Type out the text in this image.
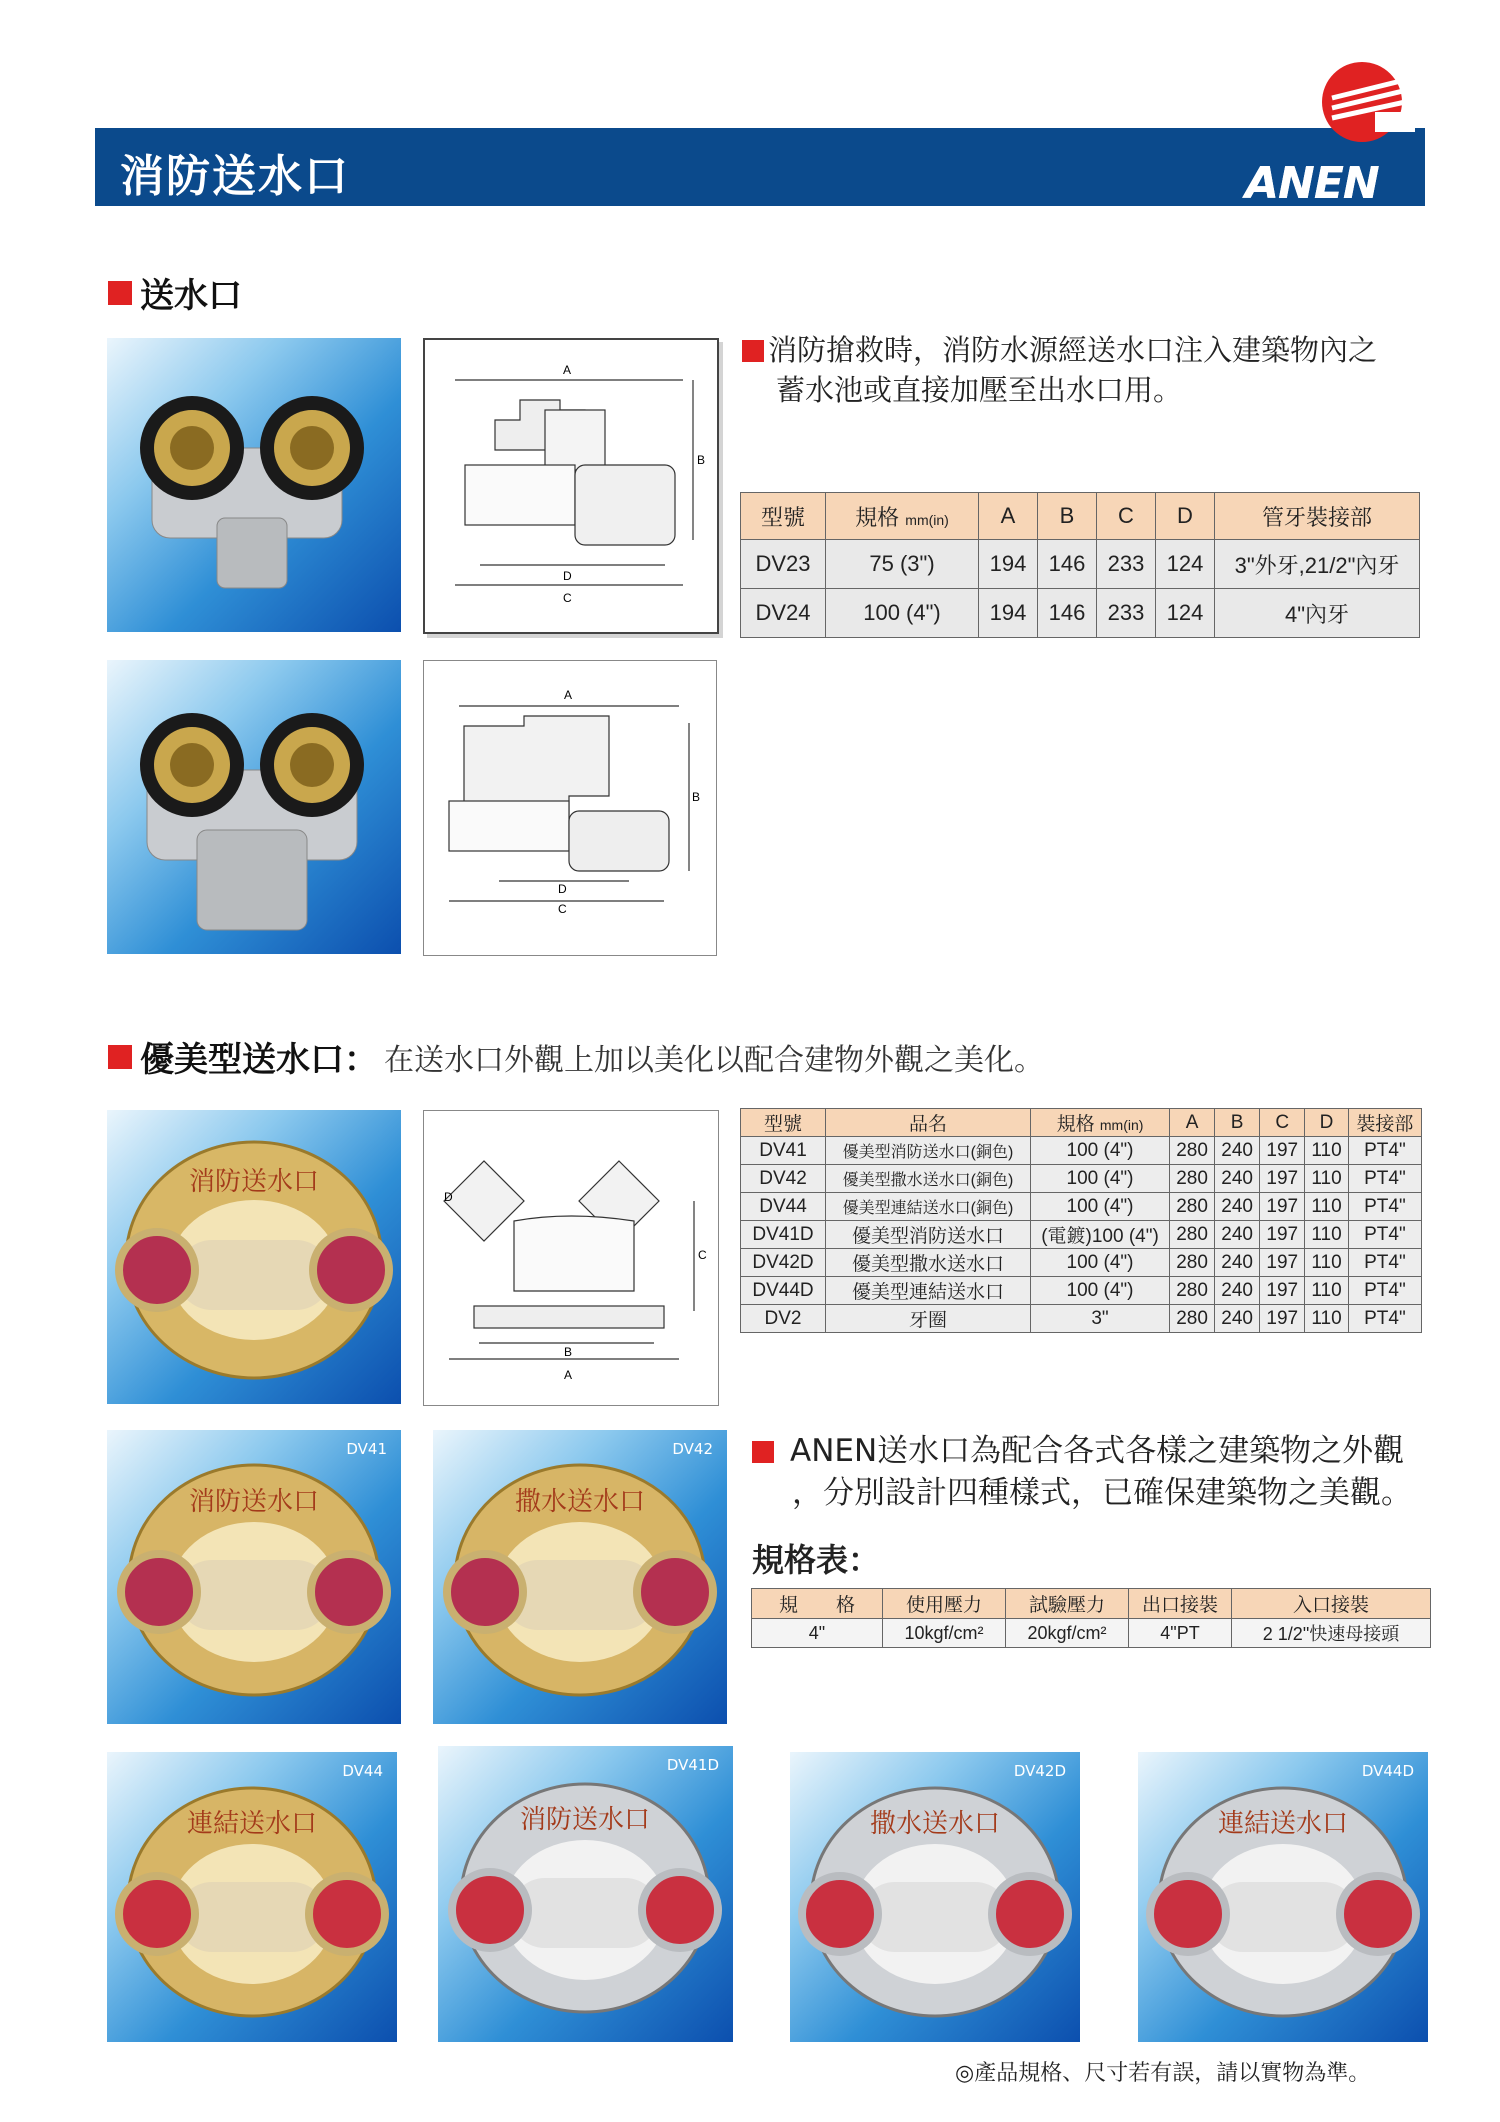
消防送水口	ANEN
送水口
A
B
D
C
A
B
D
C
消防搶救時，消防水源經送水口注入建築物內之
蓄水池或直接加壓至出水口用。
型號	規格 mm(in)	A	B	C	D	管牙裝接部
DV23	75 (3")	194	146	233	124	3"外牙,21/2"內牙
DV24	100 (4")	194	146	233	124	4"內牙
優美型送水口 ： 在送水口外觀上加以美化以配合建物外觀之美化。
消防送水口
B
A
C
D
型號	品名	規格 mm(in)	A	B	C	D	裝接部
DV41	優美型消防送水口(銅色)	100 (4")	280	240	197	110	PT4"
DV42	優美型撒水送水口(銅色)	100 (4")	280	240	197	110	PT4"
DV44	優美型連結送水口(銅色)	100 (4")	280	240	197	110	PT4"
DV41D	優美型消防送水口	(電鍍)100 (4")	280	240	197	110	PT4"
DV42D	優美型撒水送水口	100 (4")	280	240	197	110	PT4"
DV44D	優美型連結送水口	100 (4")	280	240	197	110	PT4"
DV2	牙圈	3"	280	240	197	110	PT4"
DV41
消防送水口
DV42
撒水送水口
ANEN送水口為配合各式各樣之建築物之外觀
，分別設計四種樣式，已確保建築物之美觀。
規格表：
規　　格	使用壓力	試驗壓力	出口接裝	入口接裝
4"	10kgf/cm²	20kgf/cm²	4"PT	2 1/2"快速母接頭
DV44
連結送水口
DV41D
消防送水口
DV42D
撒水送水口
DV44D
連結送水口
◎產品規格、尺寸若有誤，請以實物為準。
